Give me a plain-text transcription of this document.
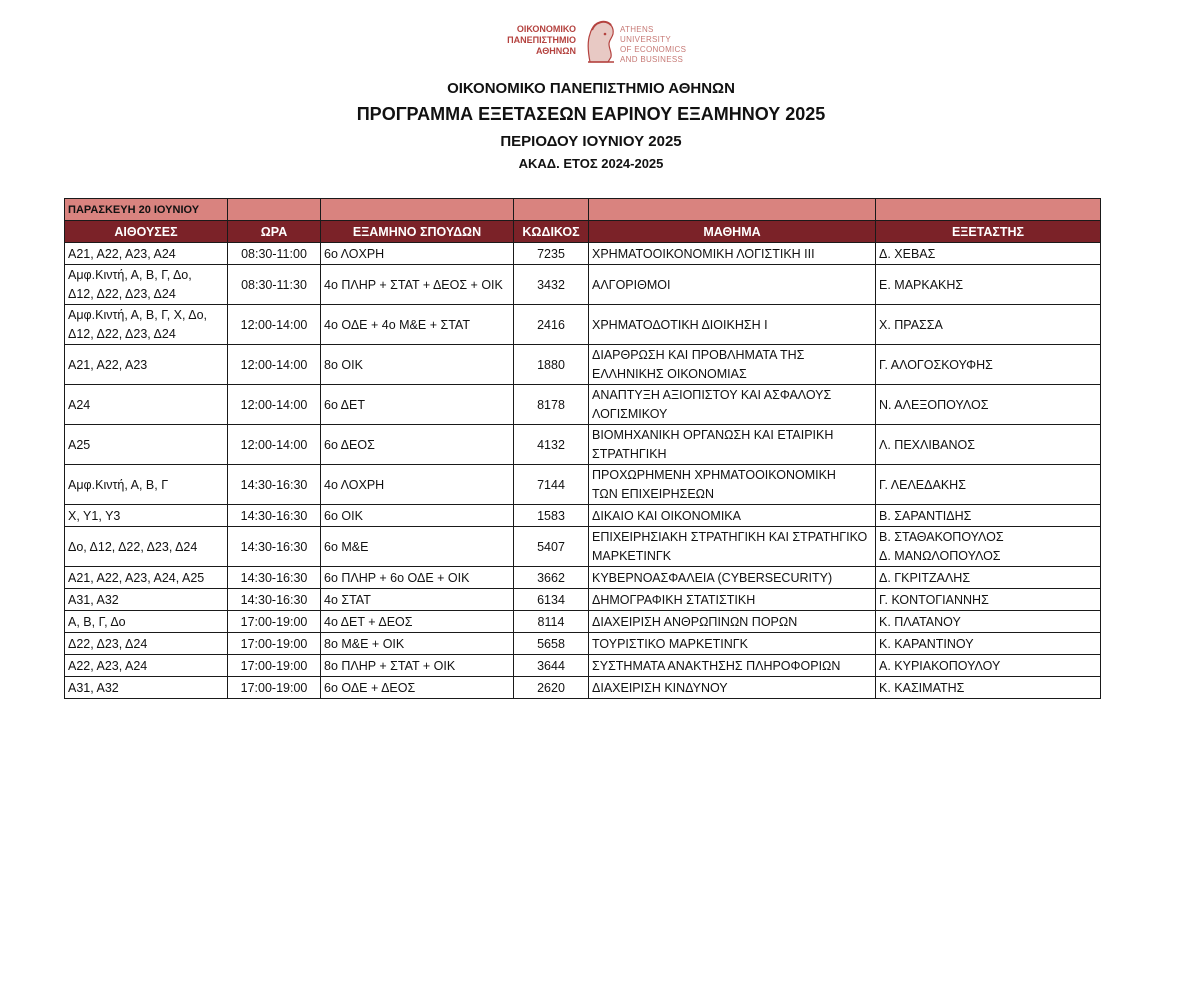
ΟΙΚΟΝΟΜΙΚΟ
ΠΑΝΕΠΙΣΤΗΜΙΟ
ΑΘΗΝΩΝ
ATHENS UNIVERSITY
OF ECONOMICS
AND BUSINESS
ΟΙΚΟΝΟΜΙΚΟ ΠΑΝΕΠΙΣΤΗΜΙΟ ΑΘΗΝΩΝ
ΠΡΟΓΡΑΜΜΑ ΕΞΕΤΑΣΕΩΝ ΕΑΡΙΝΟΥ ΕΞΑΜΗΝΟΥ 2025
ΠΕΡΙΟΔΟΥ ΙΟΥΝΙΟΥ 2025
ΑΚΑΔ. ΕΤΟΣ 2024-2025
ΠΑΡΑΣΚΕΥΗ 20 ΙΟΥΝΙΟΥ					
ΑΙΘΟΥΣΕΣ	ΩΡΑ	ΕΞΑΜΗΝΟ ΣΠΟΥΔΩΝ	ΚΩΔΙΚΟΣ	ΜΑΘΗΜΑ	ΕΞΕΤΑΣΤΗΣ
Α21, Α22, Α23, Α24	08:30-11:00	6ο ΛΟΧΡΗ	7235	ΧΡΗΜΑΤΟΟΙΚΟΝΟΜΙΚΗ ΛΟΓΙΣΤΙΚΗ ΙΙΙ	Δ. ΧΕΒΑΣ

Αμφ.Κιντή, Α, Β, Γ, Δο,
Δ12, Δ22, Δ23, Δ24	08:30-11:30	4ο ΠΛΗΡ + ΣΤΑΤ + ΔΕΟΣ + ΟΙΚ	3432	ΑΛΓΟΡΙΘΜΟΙ	Ε. ΜΑΡΚΑΚΗΣ

Αμφ.Κιντή, Α, Β, Γ, Χ, Δο,
Δ12, Δ22, Δ23, Δ24	12:00-14:00	4ο ΟΔΕ + 4ο Μ&Ε + ΣΤΑΤ	2416	ΧΡΗΜΑΤΟΔΟΤΙΚΗ ΔΙΟΙΚΗΣΗ Ι	Χ. ΠΡΑΣΣΑ
Α21, Α22, Α23	12:00-14:00	8ο ΟΙΚ	1880	ΔΙΑΡΘΡΩΣΗ ΚΑΙ ΠΡΟΒΛΗΜΑΤΑ ΤΗΣ
ΕΛΛΗΝΙΚΗΣ ΟΙΚΟΝΟΜΙΑΣ	Γ. ΑΛΟΓΟΣΚΟΥΦΗΣ
Α24	12:00-14:00	6ο ΔΕΤ	8178	ΑΝΑΠΤΥΞΗ ΑΞΙΟΠΙΣΤΟΥ ΚΑΙ ΑΣΦΑΛΟΥΣ
ΛΟΓΙΣΜΙΚΟΥ	Ν. ΑΛΕΞΟΠΟΥΛΟΣ
Α25	12:00-14:00	6ο ΔΕΟΣ	4132	ΒΙΟΜΗΧΑΝΙΚΗ ΟΡΓΑΝΩΣΗ ΚΑΙ ΕΤΑΙΡΙΚΗ
ΣΤΡΑΤΗΓΙΚΗ	Λ. ΠΕΧΛΙΒΑΝΟΣ
Αμφ.Κιντή, Α, Β, Γ	14:30-16:30	4ο ΛΟΧΡΗ	7144	ΠΡΟΧΩΡΗΜΕΝΗ ΧΡΗΜΑΤΟΟΙΚΟΝΟΜΙΚΗ
ΤΩΝ ΕΠΙΧΕΙΡΗΣΕΩΝ	Γ. ΛΕΛΕΔΑΚΗΣ
Χ, Υ1, Υ3	14:30-16:30	6ο ΟΙΚ	1583	ΔΙΚΑΙΟ ΚΑΙ ΟΙΚΟΝΟΜΙΚΑ	Β. ΣΑΡΑΝΤΙΔΗΣ
Δο, Δ12, Δ22, Δ23, Δ24	14:30-16:30	6ο Μ&Ε	5407	ΕΠΙΧΕΙΡΗΣΙΑΚΗ ΣΤΡΑΤΗΓΙΚΗ ΚΑΙ ΣΤΡΑΤΗΓΙΚΟ
ΜΑΡΚΕΤΙΝΓΚ	Β. ΣΤΑΘΑΚΟΠΟΥΛΟΣ
Δ. ΜΑΝΩΛΟΠΟΥΛΟΣ

Α21, Α22, Α23, Α24, Α25	14:30-16:30	6ο ΠΛΗΡ + 6ο ΟΔΕ + ΟΙΚ	3662	ΚΥΒΕΡΝΟΑΣΦΑΛΕΙΑ (CYBERSECURITY)	Δ. ΓΚΡΙΤΖΑΛΗΣ
Α31, Α32	14:30-16:30	4ο ΣΤΑΤ	6134	ΔΗΜΟΓΡΑΦΙΚΗ ΣΤΑΤΙΣΤΙΚΗ	Γ. ΚΟΝΤΟΓΙΑΝΝΗΣ
Α, Β, Γ, Δο	17:00-19:00	4ο ΔΕΤ + ΔΕΟΣ	8114	ΔΙΑΧΕΙΡΙΣΗ ΑΝΘΡΩΠΙΝΩΝ ΠΟΡΩΝ	Κ. ΠΛΑΤΑΝΟΥ
Δ22, Δ23, Δ24	17:00-19:00	8ο Μ&Ε + ΟΙΚ	5658	ΤΟΥΡΙΣΤΙΚΟ ΜΑΡΚΕΤΙΝΓΚ	Κ. ΚΑΡΑΝΤΙΝΟΥ
Α22, Α23, Α24	17:00-19:00	8ο ΠΛΗΡ + ΣΤΑΤ + ΟΙΚ	3644	ΣΥΣΤΗΜΑΤΑ ΑΝΑΚΤΗΣΗΣ ΠΛΗΡΟΦΟΡΙΩΝ	Α. ΚΥΡΙΑΚΟΠΟΥΛΟΥ
Α31, Α32	17:00-19:00	6ο ΟΔΕ + ΔΕΟΣ	2620	ΔΙΑΧΕΙΡΙΣΗ ΚΙΝΔΥΝΟΥ	Κ. ΚΑΣΙΜΑΤΗΣ
